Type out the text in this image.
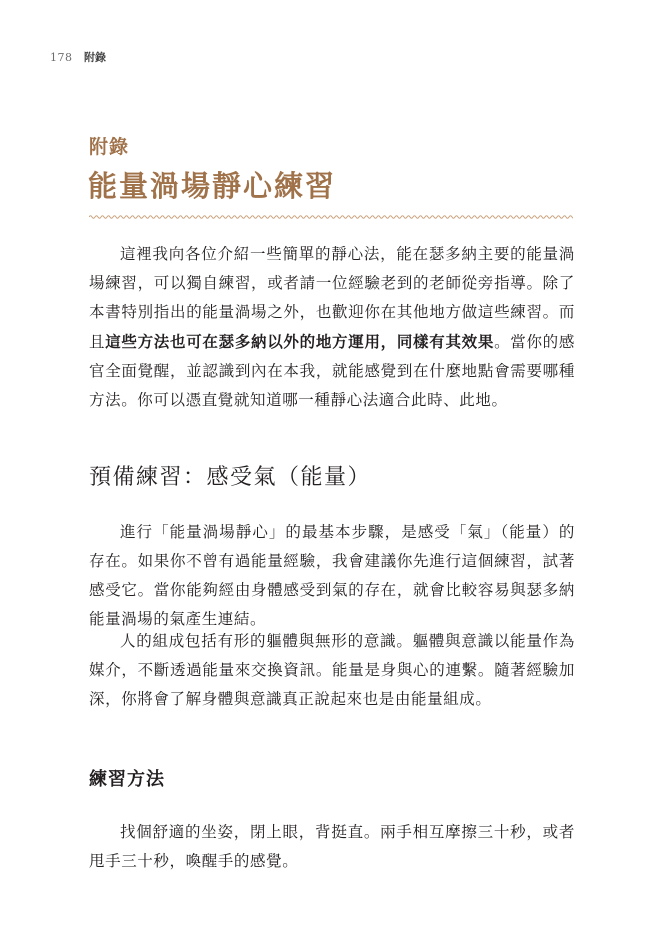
178 附錄
附錄
能量渦場靜心練習

這裡我向各位介紹一些簡單的靜心法，能在瑟多納主要的能量渦場練習，可以獨自練習，或者請一位經驗老到的老師從旁指導。除了本書特別指出的能量渦場之外，也歡迎你在其他地方做這些練習。而且這些方法也可在瑟多納以外的地方運用，同樣有其效果。當你的感官全面覺醒，並認識到內在本我，就能感覺到在什麼地點會需要哪種方法。你可以憑直覺就知道哪一種靜心法適合此時、此地。

預備練習：感受氣（能量）

進行「能量渦場靜心」的最基本步驟，是感受「氣」（能量）的存在。如果你不曾有過能量經驗，我會建議你先進行這個練習，試著感受它。當你能夠經由身體感受到氣的存在，就會比較容易與瑟多納能量渦場的氣產生連結。

人的組成包括有形的軀體與無形的意識。軀體與意識以能量作為媒介，不斷透過能量來交換資訊。能量是身與心的連繫。隨著經驗加深，你將會了解身體與意識真正說起來也是由能量組成。

練習方法

找個舒適的坐姿，閉上眼，背挺直。兩手相互摩擦三十秒，或者甩手三十秒，喚醒手的感覺。
